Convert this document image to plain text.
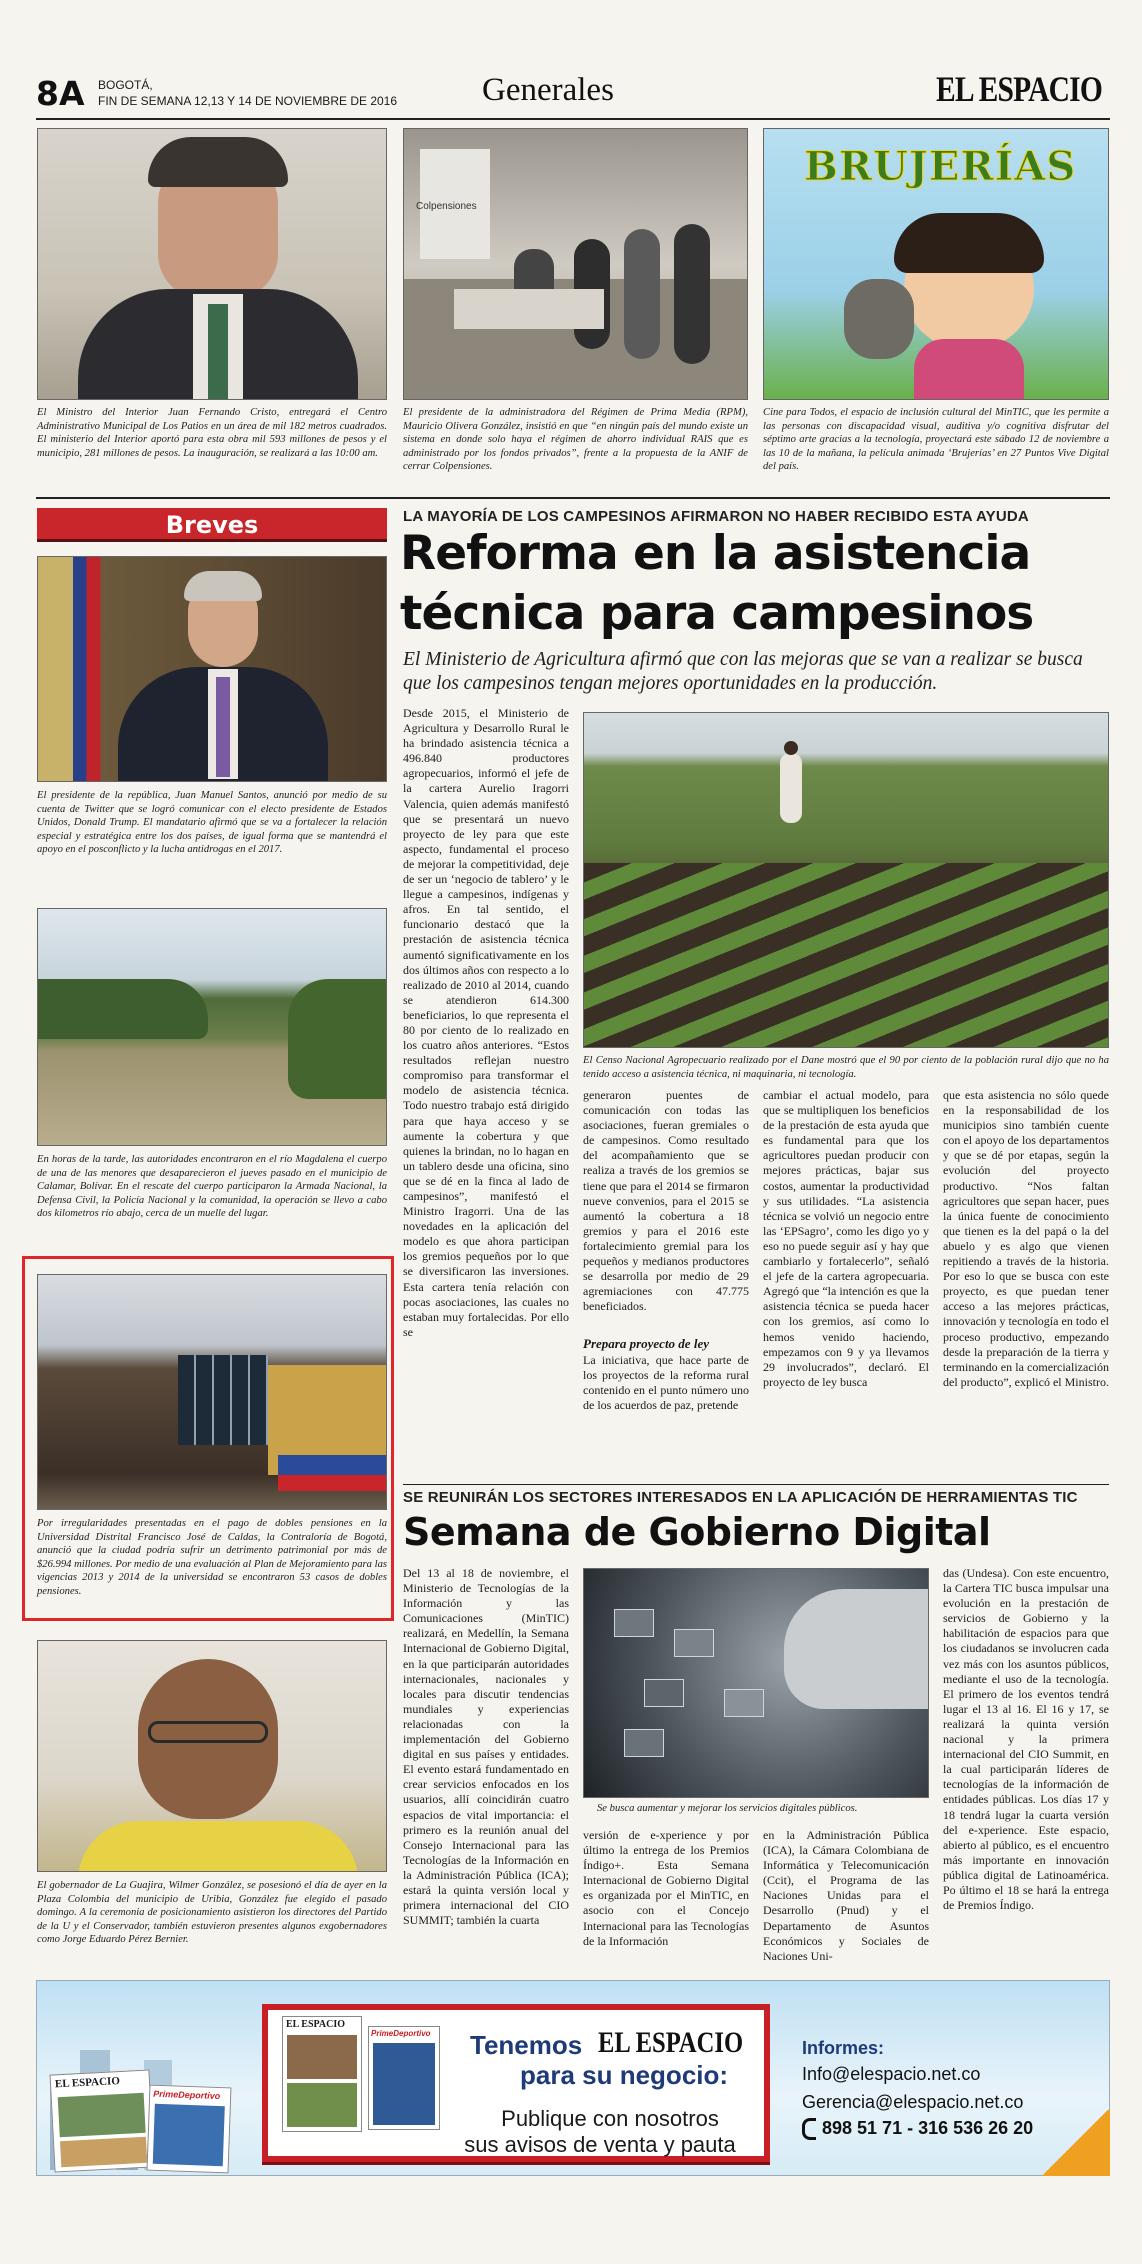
8A BOGOTÁ,
FIN DE SEMANA 12,13 Y 14 DE NOVIEMBRE DE 2016	Generales	EL ESPACIO
Colpensiones
BRUJERÍAS
El Ministro del Interior Juan Fernando Cristo, entregará el Centro Administrativo Municipal de Los Patios en un área de mil 182 metros cuadrados. El ministerio del Interior aportó para esta obra mil 593 millones de pesos y el municipio, 281 millones de pesos. La inauguración, se realizará a las 10:00 am.
El presidente de la administradora del Régimen de Prima Media (RPM), Mauricio Olivera González, insistió en que “en ningún país del mundo existe un sistema en donde solo haya el régimen de ahorro individual RAIS que es administrado por los fondos privados”, frente a la propuesta de la ANIF de cerrar Colpensiones.
Cine para Todos, el espacio de inclusión cultural del MinTIC, que les permite a las personas con discapacidad visual, auditiva y/o cognitiva disfrutar del séptimo arte gracias a la tecnología, proyectará este sábado 12 de noviembre a las 10 de la mañana, la película animada ‘Brujerías’ en 27 Puntos Vive Digital del país.
Breves
El presidente de la república, Juan Manuel Santos, anunció por medio de su cuenta de Twitter que se logró comunicar con el electo presidente de Estados Unidos, Donald Trump. El mandatario afirmó que se va a fortalecer la relación especial y estratégica entre los dos países, de igual forma que se mantendrá el apoyo en el posconflicto y la lucha antidrogas en el 2017.
En horas de la tarde, las autoridades encontraron en el río Magdalena el cuerpo de una de las menores que desaparecieron el jueves pasado en el municipio de Calamar, Bolívar. En el rescate del cuerpo participaron la Armada Nacional, la Defensa Civil, la Policía Nacional y la comunidad, la operación se llevo a cabo dos kilometros río abajo, cerca de un muelle del lugar.
Por irregularidades presentadas en el pago de dobles pensiones en la Universidad Distrital Francisco José de Caldas, la Contraloría de Bogotá, anunció que la ciudad podría sufrir un detrimento patrimonial por más de $26.994 millones. Por medio de una evaluación al Plan de Mejoramiento para las vigencias 2013 y 2014 de la universidad se encontraron 53 casos de dobles pensiones.
El gobernador de La Guajira, Wilmer González, se posesionó el día de ayer en la Plaza Colombia del municipio de Uribia, González fue elegido el pasado domingo. A la ceremonia de posicionamiento asistieron los directores del Partido de la U y el Conservador, también estuvieron presentes algunos exgobernadores como Jorge Eduardo Pérez Bernier.
LA MAYORÍA DE LOS CAMPESINOS AFIRMARON NO HABER RECIBIDO ESTA AYUDA
Reforma en la asistencia
técnica para campesinos
El Ministerio de Agricultura afirmó que con las mejoras que se van a realizar se busca que los campesinos tengan mejores oportunidades en la producción.
Desde 2015, el Ministerio de Agricultura y Desarrollo Rural le ha brindado asistencia técnica a 496.840 productores agropecuarios, informó el jefe de la cartera Aurelio Iragorri Valencia, quien además manifestó que se presentará un nuevo proyecto de ley para que este aspecto, fundamental el proceso de mejorar la competitividad, deje de ser un ‘negocio de tablero’ y le llegue a campesinos, indígenas y afros. En tal sentido, el funcionario destacó que la prestación de asistencia técnica aumentó significativamente en los dos últimos años con respecto a lo realizado de 2010 al 2014, cuando se atendieron 614.300 beneficiarios, lo que representa el 80 por ciento de lo realizado en los cuatro años anteriores. “Estos resultados reflejan nuestro compromiso para transformar el modelo de asistencia técnica. Todo nuestro trabajo está dirigido para que haya acceso y se aumente la cobertura y que quienes la brindan, no lo hagan en un tablero desde una oficina, sino que se dé en la finca al lado de campesinos”, manifestó el Ministro Iragorri. Una de las novedades en la aplicación del modelo es que ahora participan los gremios pequeños por lo que se diversificaron las inversiones. Esta cartera tenía relación con pocas asociaciones, las cuales no estaban muy fortalecidas. Por ello se
El Censo Nacional Agropecuario realizado por el Dane mostró que el 90 por ciento de la población rural dijo que no ha tenido acceso a asistencia técnica, ni maquinaria, ni tecnología.
generaron puentes de comunicación con todas las asociaciones, fueran gremiales o de campesinos. Como resultado del acompañamiento que se realiza a través de los gremios se tiene que para el 2014 se firmaron nueve convenios, para el 2015 se aumentó la cobertura a 18 gremios y para el 2016 este fortalecimiento gremial para los pequeños y medianos productores se desarrolla por medio de 29 agremiaciones con 47.775 beneficiados.
Prepara proyecto de ley
La iniciativa, que hace parte de los proyectos de la reforma rural contenido en el punto número uno de los acuerdos de paz, pretende
cambiar el actual modelo, para que se multipliquen los beneficios de la prestación de esta ayuda que es fundamental para que los agricultores puedan producir con mejores prácticas, bajar sus costos, aumentar la productividad y sus utilidades. “La asistencia técnica se volvió un negocio entre las ‘EPSagro’, como les digo yo y eso no puede seguir así y hay que cambiarlo y fortalecerlo”, señaló el jefe de la cartera agropecuaria. Agregó que “la intención es que la asistencia técnica se pueda hacer con los gremios, así como lo hemos venido haciendo, empezamos con 9 y ya llevamos 29 involucrados”, declaró. El proyecto de ley busca
que esta asistencia no sólo quede en la responsabilidad de los municipios sino también cuente con el apoyo de los departamentos y que se dé por etapas, según la evolución del proyecto productivo. “Nos faltan agricultores que sepan hacer, pues la única fuente de conocimiento que tienen es la del papá o la del abuelo y es algo que vienen repitiendo a través de la historia. Por eso lo que se busca con este proyecto, es que puedan tener acceso a las mejores prácticas, innovación y tecnología en todo el proceso productivo, empezando desde la preparación de la tierra y terminando en la comercialización del producto”, explicó el Ministro.
SE REUNIRÁN LOS SECTORES INTERESADOS EN LA APLICACIÓN DE HERRAMIENTAS TIC
Semana de Gobierno Digital
Del 13 al 18 de noviembre, el Ministerio de Tecnologías de la Información y las Comunicaciones (MinTIC) realizará, en Medellín, la Semana Internacional de Gobierno Digital, en la que participarán autoridades internacionales, nacionales y locales para discutir tendencias mundiales y experiencias relacionadas con la implementación del Gobierno digital en sus países y entidades. El evento estará fundamentado en crear servicios enfocados en los usuarios, allí coincidirán cuatro espacios de vital importancia: el primero es la reunión anual del Consejo Internacional para las Tecnologías de la Información en la Administración Pública (ICA); estará la quinta versión local y primera internacional del CIO SUMMIT; también la cuarta
Se busca aumentar y mejorar los servicios digitales públicos.
versión de e-xperience y por último la entrega de los Premios Índigo+. Esta Semana Internacional de Gobierno Digital es organizada por el MinTIC, en asocio con el Concejo Internacional para las Tecnologías de la Información
en la Administración Pública (ICA), la Cámara Colombiana de Informática y Telecomunicación (Ccit), el Programa de las Naciones Unidas para el Desarrollo (Pnud) y el Departamento de Asuntos Económicos y Sociales de Naciones Uni-
das (Undesa). Con este encuentro, la Cartera TIC busca impulsar una evolución en la prestación de servicios de Gobierno y la habilitación de espacios para que los ciudadanos se involucren cada vez más con los asuntos públicos, mediante el uso de la tecnología. El primero de los eventos tendrá lugar el 13 al 16. El 16 y 17, se realizará la quinta versión nacional y la primera internacional del CIO Summit, en la cual participarán líderes de tecnologías de la información de entidades públicas. Los días 17 y 18 tendrá lugar la cuarta versión del e-xperience. Este espacio, abierto al público, es el encuentro más importante en innovación pública digital de Latinoamérica. Po último el 18 se hará la entrega de Premios Índigo.
EL ESPACIO
PrimeDeportivo
EL ESPACIO
PrimeDeportivo Tenemos EL ESPACIO
para su negocio:
Publique con nosotros
sus avisos de venta y pauta
Informes:
Info@elespacio.net.co
Gerencia@elespacio.net.co
898 51 71 - 316 536 26 20
